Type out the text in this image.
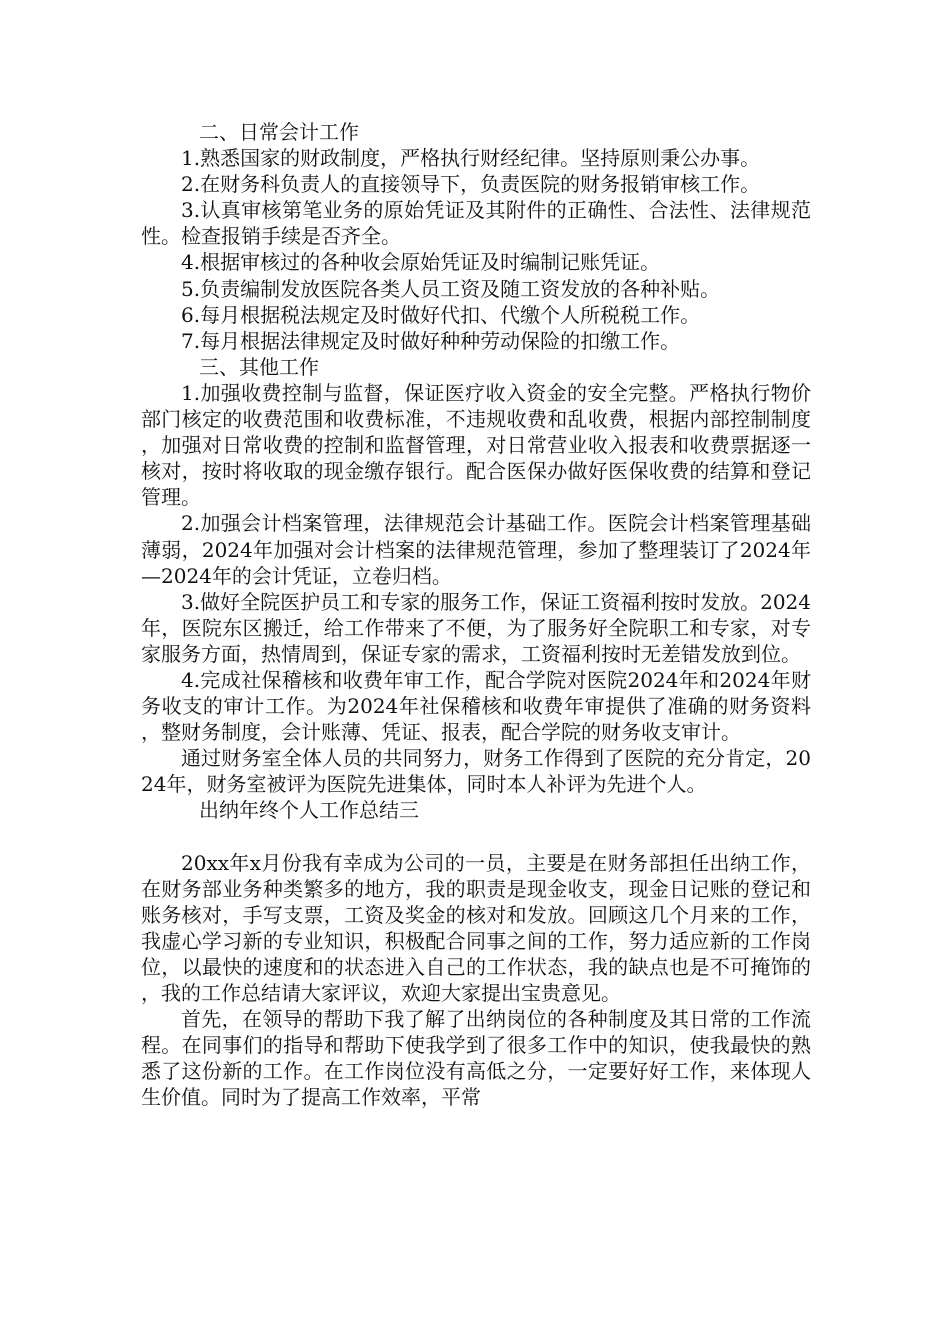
二、日常会计工作

1.熟悉国家的财政制度，严格执行财经纪律。坚持原则秉公办事。

2.在财务科负责人的直接领导下，负责医院的财务报销审核工作。

3.认真审核第笔业务的原始凭证及其附件的正确性、合法性、法律规范性。检查报销手续是否齐全。

4.根据审核过的各种收会原始凭证及时编制记账凭证。

5.负责编制发放医院各类人员工资及随工资发放的各种补贴。

6.每月根据税法规定及时做好代扣、代缴个人所税税工作。

7.每月根据法律规定及时做好种种劳动保险的扣缴工作。

三、其他工作

1.加强收费控制与监督，保证医疗收入资金的安全完整。严格执行物价部门核定的收费范围和收费标准，不违规收费和乱收费，根据内部控制制度，加强对日常收费的控制和监督管理，对日常营业收入报表和收费票据逐一核对，按时将收取的现金缴存银行。配合医保办做好医保收费的结算和登记管理。

2.加强会计档案管理，法律规范会计基础工作。医院会计档案管理基础薄弱，2024年加强对会计档案的法律规范管理，参加了整理装订了2024年—2024年的会计凭证，立卷归档。

3.做好全院医护员工和专家的服务工作，保证工资福利按时发放。2024年，医院东区搬迁，给工作带来了不便，为了服务好全院职工和专家，对专家服务方面，热情周到，保证专家的需求，工资福利按时无差错发放到位。

4.完成社保稽核和收费年审工作，配合学院对医院2024年和2024年财务收支的审计工作。为2024年社保稽核和收费年审提供了准确的财务资料，整财务制度，会计账薄、凭证、报表，配合学院的财务收支审计。

通过财务室全体人员的共同努力，财务工作得到了医院的充分肯定，2024年，财务室被评为医院先进集体，同时本人补评为先进个人。

出纳年终个人工作总结三

20xx年x月份我有幸成为公司的一员，主要是在财务部担任出纳工作，在财务部业务种类繁多的地方，我的职责是现金收支，现金日记账的登记和账务核对，手写支票，工资及奖金的核对和发放。回顾这几个月来的工作，我虚心学习新的专业知识，积极配合同事之间的工作，努力适应新的工作岗位，以最快的速度和的状态进入自己的工作状态，我的缺点也是不可掩饰的，我的工作总结请大家评议，欢迎大家提出宝贵意见。

首先，在领导的帮助下我了解了出纳岗位的各种制度及其日常的工作流程。在同事们的指导和帮助下使我学到了很多工作中的知识，使我最快的熟悉了这份新的工作。在工作岗位没有高低之分，一定要好好工作，来体现人生价值。同时为了提高工作效率，平常
